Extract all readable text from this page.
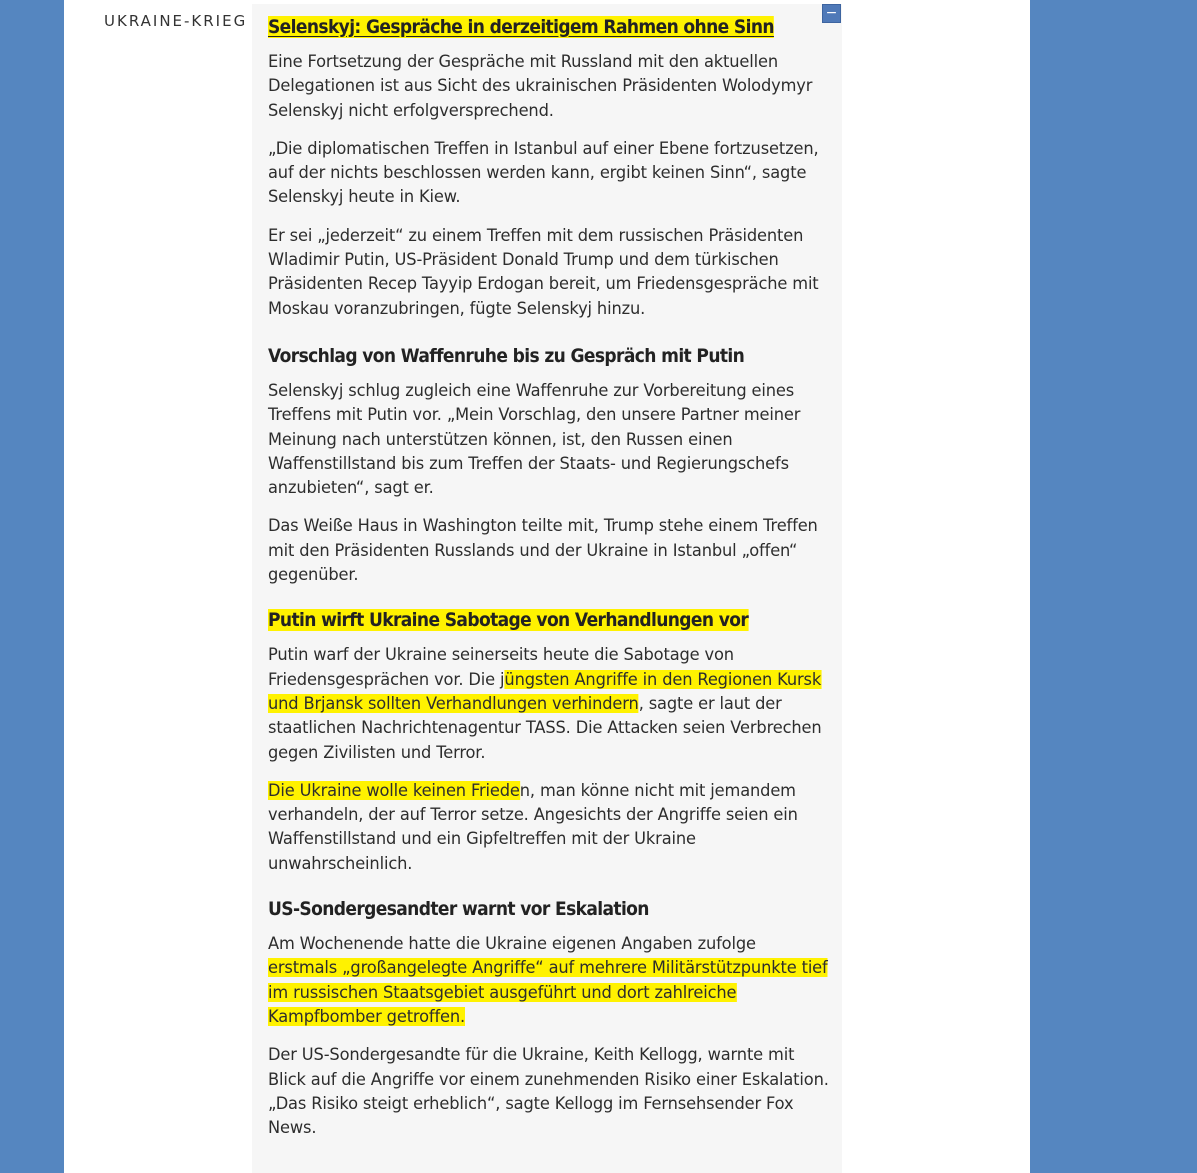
UKRAINE-KRIEG	−
Selenskyj: Gespräche in derzeitigem Rahmen ohne Sinn

Eine Fortsetzung der Gespräche mit Russland mit den aktuellen Delegationen ist aus Sicht des ukrainischen Präsidenten Wolodymyr Selenskyj nicht erfolgversprechend.

„Die diplomatischen Treffen in Istanbul auf einer Ebene fortzusetzen, auf der nichts beschlossen werden kann, ergibt keinen Sinn“, sagte Selenskyj heute in Kiew.

Er sei „jederzeit“ zu einem Treffen mit dem russischen Präsidenten Wladimir Putin, US-Präsident Donald Trump und dem türkischen Präsidenten Recep Tayyip Erdogan bereit, um Friedensgespräche mit Moskau voranzubringen, fügte Selenskyj hinzu.

Vorschlag von Waffenruhe bis zu Gespräch mit Putin

Selenskyj schlug zugleich eine Waffenruhe zur Vorbereitung eines Treffens mit Putin vor. „Mein Vorschlag, den unsere Partner meiner Meinung nach unterstützen können, ist, den Russen einen Waffenstillstand bis zum Treffen der Staats- und Regierungschefs anzubieten“, sagt er.

Das Weiße Haus in Washington teilte mit, Trump stehe einem Treffen mit den Präsidenten Russlands und der Ukraine in Istanbul „offen“ gegenüber.

Putin wirft Ukraine Sabotage von Verhandlungen vor

Putin warf der Ukraine seinerseits heute die Sabotage von Friedensgesprächen vor. Die jüngsten Angriffe in den Regionen Kursk und Brjansk sollten Verhandlungen verhindern, sagte er laut der staatlichen Nachrichtenagentur TASS. Die Attacken seien Verbrechen gegen Zivilisten und Terror.

Die Ukraine wolle keinen Frieden, man könne nicht mit jemandem verhandeln, der auf Terror setze. Angesichts der Angriffe seien ein Waffenstillstand und ein Gipfeltreffen mit der Ukraine unwahrscheinlich.

US-Sondergesandter warnt vor Eskalation

Am Wochenende hatte die Ukraine eigenen Angaben zufolge erstmals „großangelegte Angriffe“ auf mehrere Militärstützpunkte tief im russischen Staatsgebiet ausgeführt und dort zahlreiche Kampfbomber getroffen.

Der US-Sondergesandte für die Ukraine, Keith Kellogg, warnte mit Blick auf die Angriffe vor einem zunehmenden Risiko einer Eskalation. „Das Risiko steigt erheblich“, sagte Kellogg im Fernsehsender Fox News.
